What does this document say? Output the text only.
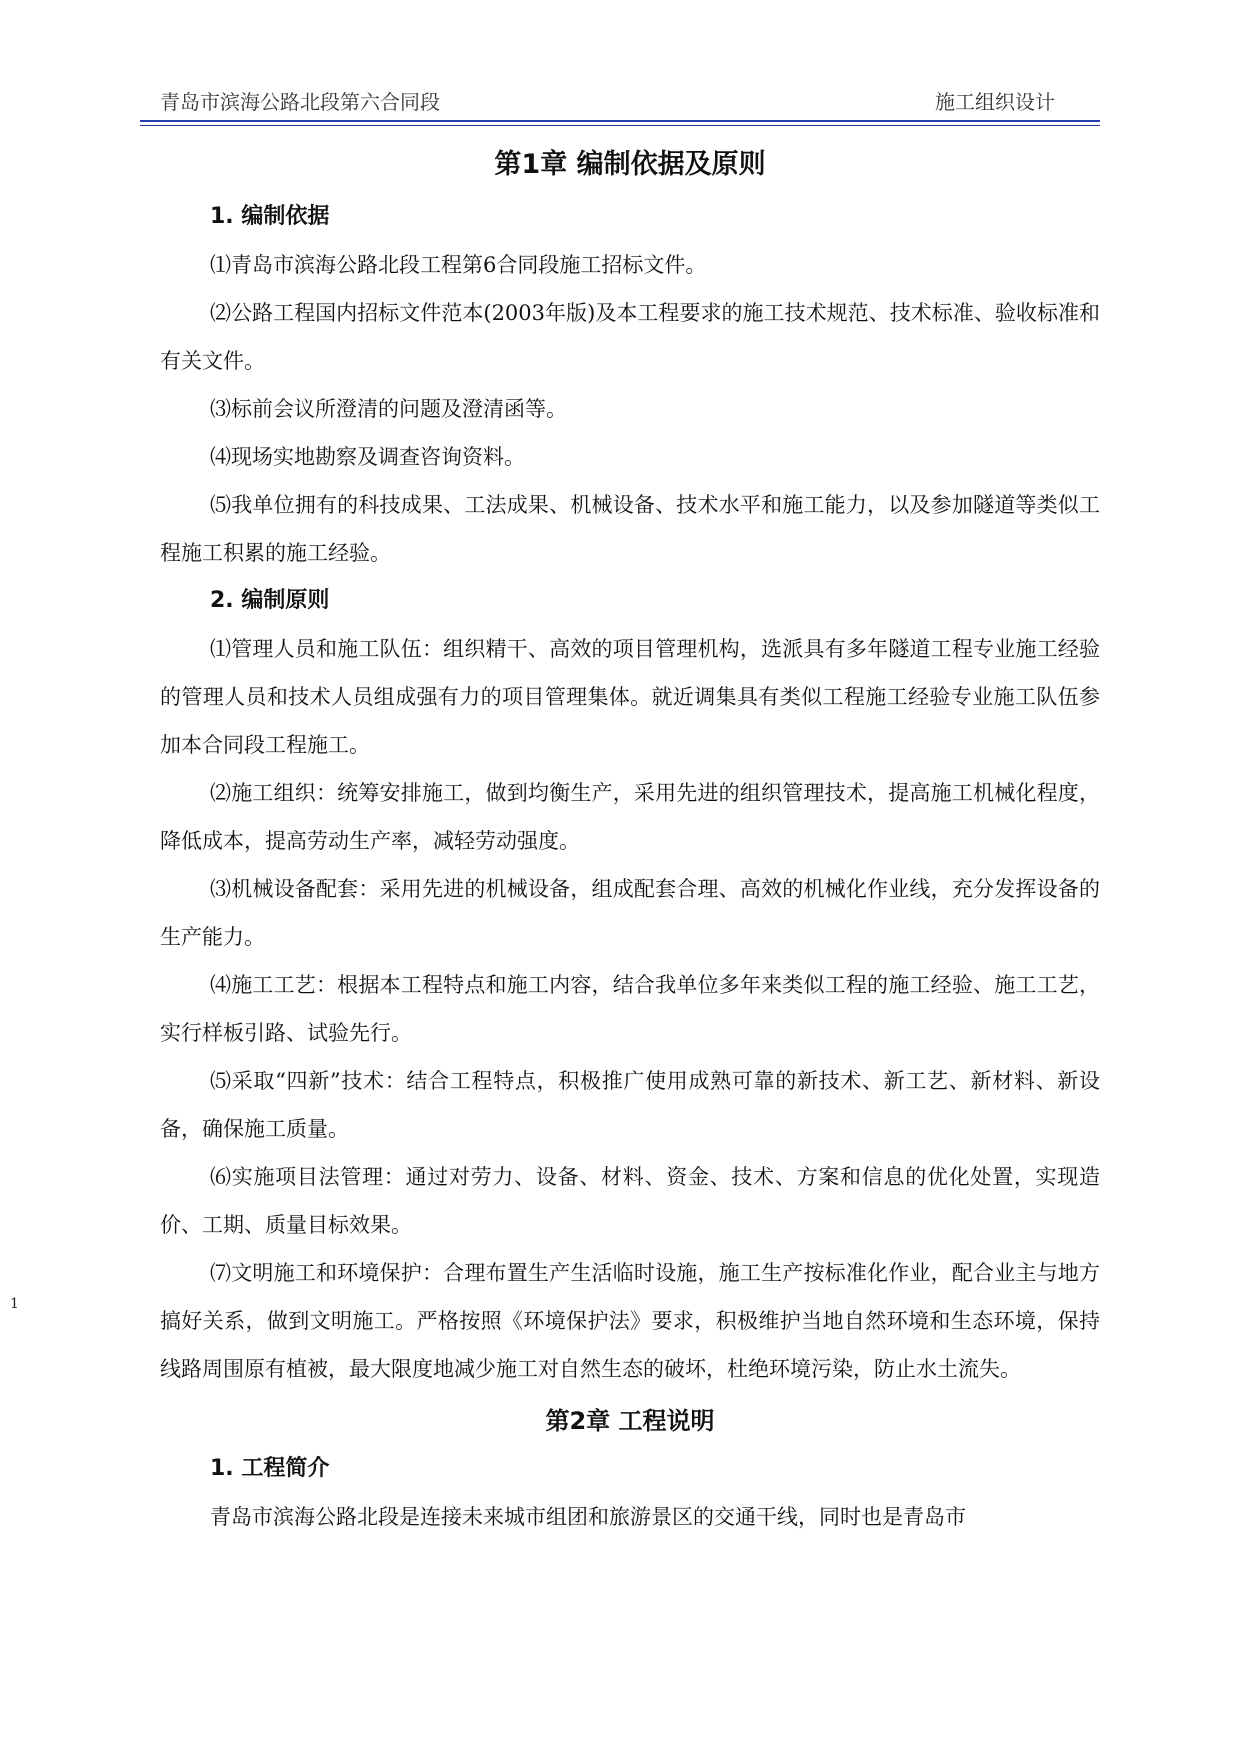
青岛市滨海公路北段第六合同段	施工组织设计
第1章 编制依据及原则
1. 编制依据

⑴青岛市滨海公路北段工程第6合同段施工招标文件。

⑵公路工程国内招标文件范本(2003年版)及本工程要求的施工技术规范、技术标准、验收标准和有关文件。

⑶标前会议所澄清的问题及澄清函等。

⑷现场实地勘察及调查咨询资料。

⑸我单位拥有的科技成果、工法成果、机械设备、技术水平和施工能力，以及参加隧道等类似工程施工积累的施工经验。

2. 编制原则

⑴管理人员和施工队伍：组织精干、高效的项目管理机构，选派具有多年隧道工程专业施工经验的管理人员和技术人员组成强有力的项目管理集体。就近调集具有类似工程施工经验专业施工队伍参加本合同段工程施工。

⑵施工组织：统筹安排施工，做到均衡生产，采用先进的组织管理技术，提高施工机械化程度，降低成本，提高劳动生产率，减轻劳动强度。

⑶机械设备配套：采用先进的机械设备，组成配套合理、高效的机械化作业线，充分发挥设备的生产能力。

⑷施工工艺：根据本工程特点和施工内容，结合我单位多年来类似工程的施工经验、施工工艺，实行样板引路、试验先行。

⑸采取“四新”技术：结合工程特点，积极推广使用成熟可靠的新技术、新工艺、新材料、新设备，确保施工质量。

⑹实施项目法管理：通过对劳力、设备、材料、资金、技术、方案和信息的优化处置，实现造价、工期、质量目标效果。

⑺文明施工和环境保护：合理布置生产生活临时设施，施工生产按标准化作业，配合业主与地方搞好关系，做到文明施工。严格按照《环境保护法》要求，积极维护当地自然环境和生态环境，保持线路周围原有植被，最大限度地减少施工对自然生态的破坏，杜绝环境污染，防止水土流失。

第2章 工程说明
1. 工程简介

青岛市滨海公路北段是连接未来城市组团和旅游景区的交通干线，同时也是青岛市

1
